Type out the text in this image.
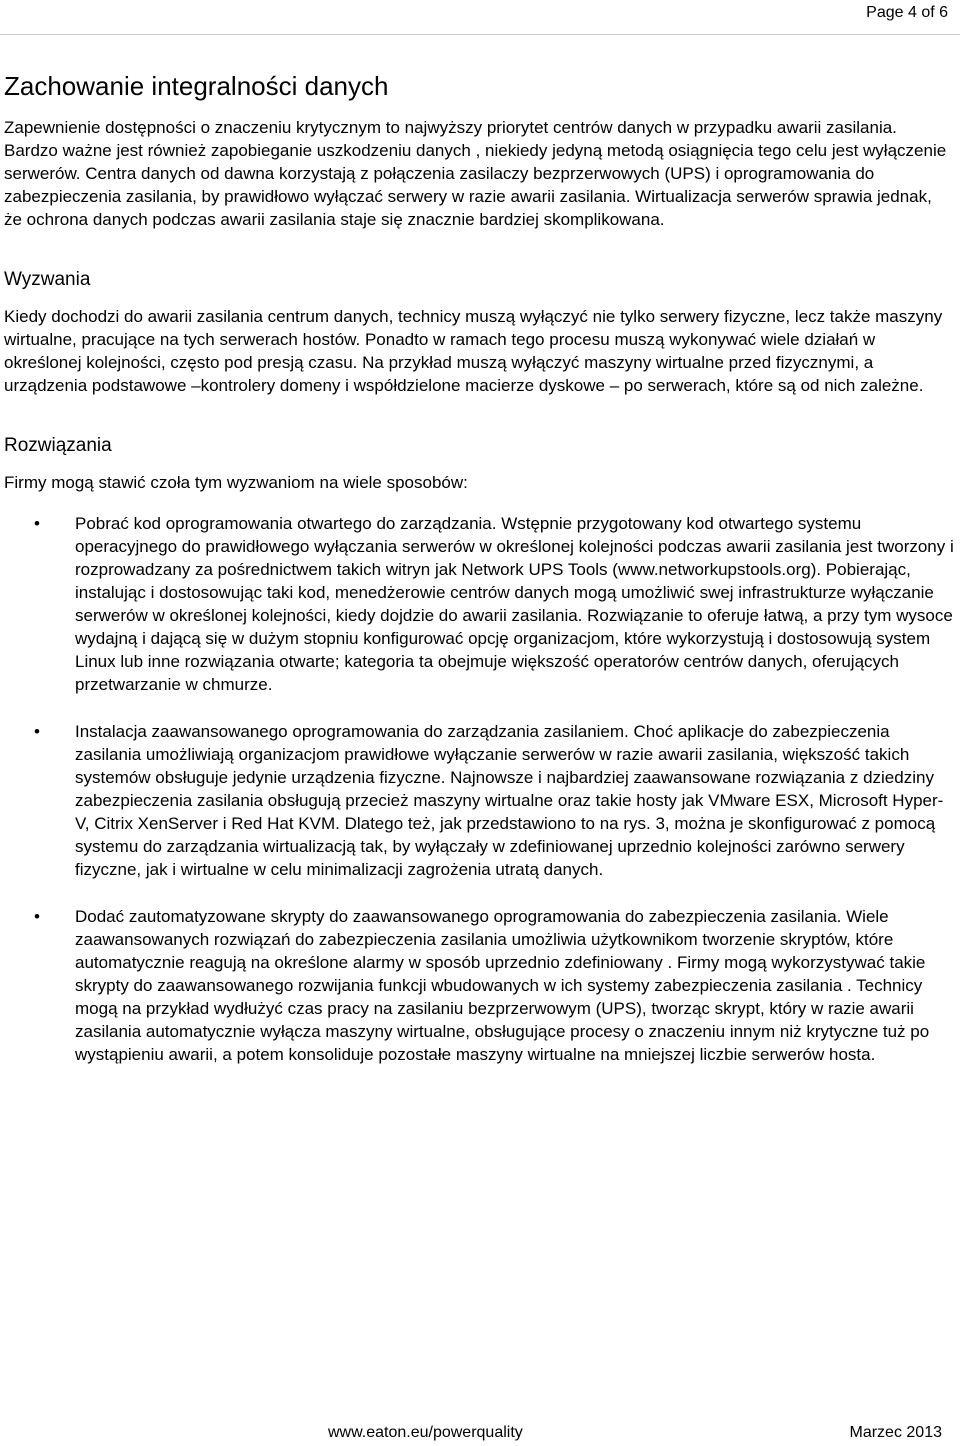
Page 4 of 6
Zachowanie integralności danych

Zapewnienie dostępności o znaczeniu krytycznym to najwyższy priorytet centrów danych w przypadku awarii zasilania. Bardzo ważne jest również zapobieganie uszkodzeniu danych , niekiedy jedyną metodą osiągnięcia tego celu jest wyłączenie serwerów. Centra danych od dawna korzystają z połączenia zasilaczy bezprzerwowych (UPS) i oprogramowania do zabezpieczenia zasilania, by prawidłowo wyłączać serwery w razie awarii zasilania. Wirtualizacja serwerów sprawia jednak, że ochrona danych podczas awarii zasilania staje się znacznie bardziej skomplikowana.

Wyzwania

Kiedy dochodzi do awarii zasilania centrum danych, technicy muszą wyłączyć nie tylko serwery fizyczne, lecz także maszyny wirtualne, pracujące na tych serwerach hostów. Ponadto w ramach tego procesu muszą wykonywać wiele działań w określonej kolejności, często pod presją czasu. Na przykład muszą wyłączyć maszyny wirtualne przed fizycznymi, a urządzenia podstawowe –kontrolery domeny i współdzielone macierze dyskowe – po serwerach, które są od nich zależne.

Rozwiązania

Firmy mogą stawić czoła tym wyzwaniom na wiele sposobów:

• Pobrać kod oprogramowania otwartego do zarządzania. Wstępnie przygotowany kod otwartego systemu operacyjnego do prawidłowego wyłączania serwerów w określonej kolejności podczas awarii zasilania jest tworzony i rozprowadzany za pośrednictwem takich witryn jak Network UPS Tools (www.networkupstools.org). Pobierając, instalując i dostosowując taki kod, menedżerowie centrów danych mogą umożliwić swej infrastrukturze wyłączanie serwerów w określonej kolejności, kiedy dojdzie do awarii zasilania. Rozwiązanie to oferuje łatwą, a przy tym wysoce wydajną i dającą się w dużym stopniu konfigurować opcję organizacjom, które wykorzystują i dostosowują system Linux lub inne rozwiązania otwarte; kategoria ta obejmuje większość operatorów centrów danych, oferujących przetwarzanie w chmurze.
• Instalacja zaawansowanego oprogramowania do zarządzania zasilaniem. Choć aplikacje do zabezpieczenia zasilania umożliwiają organizacjom prawidłowe wyłączanie serwerów w razie awarii zasilania, większość takich systemów obsługuje jedynie urządzenia fizyczne. Najnowsze i najbardziej zaawansowane rozwiązania z dziedziny zabezpieczenia zasilania obsługują przecież maszyny wirtualne oraz takie hosty jak VMware ESX, Microsoft Hyper-V, Citrix XenServer i Red Hat KVM. Dlatego też, jak przedstawiono to na rys. 3, można je skonfigurować z pomocą systemu do zarządzania wirtualizacją tak, by wyłączały w zdefiniowanej uprzednio kolejności zarówno serwery fizyczne, jak i wirtualne w celu minimalizacji zagrożenia utratą danych.
• Dodać zautomatyzowane skrypty do zaawansowanego oprogramowania do zabezpieczenia zasilania. Wiele zaawansowanych rozwiązań do zabezpieczenia zasilania umożliwia użytkownikom tworzenie skryptów, które automatycznie reagują na określone alarmy w sposób uprzednio zdefiniowany . Firmy mogą wykorzystywać takie skrypty do zaawansowanego rozwijania funkcji wbudowanych w ich systemy zabezpieczenia zasilania . Technicy mogą na przykład wydłużyć czas pracy na zasilaniu bezprzerwowym (UPS), tworząc skrypt, który w razie awarii zasilania automatycznie wyłącza maszyny wirtualne, obsługujące procesy o znaczeniu innym niż krytyczne tuż po wystąpieniu awarii, a potem konsoliduje pozostałe maszyny wirtualne na mniejszej liczbie serwerów hosta.
www.eaton.eu/powerquality	Marzec 2013
